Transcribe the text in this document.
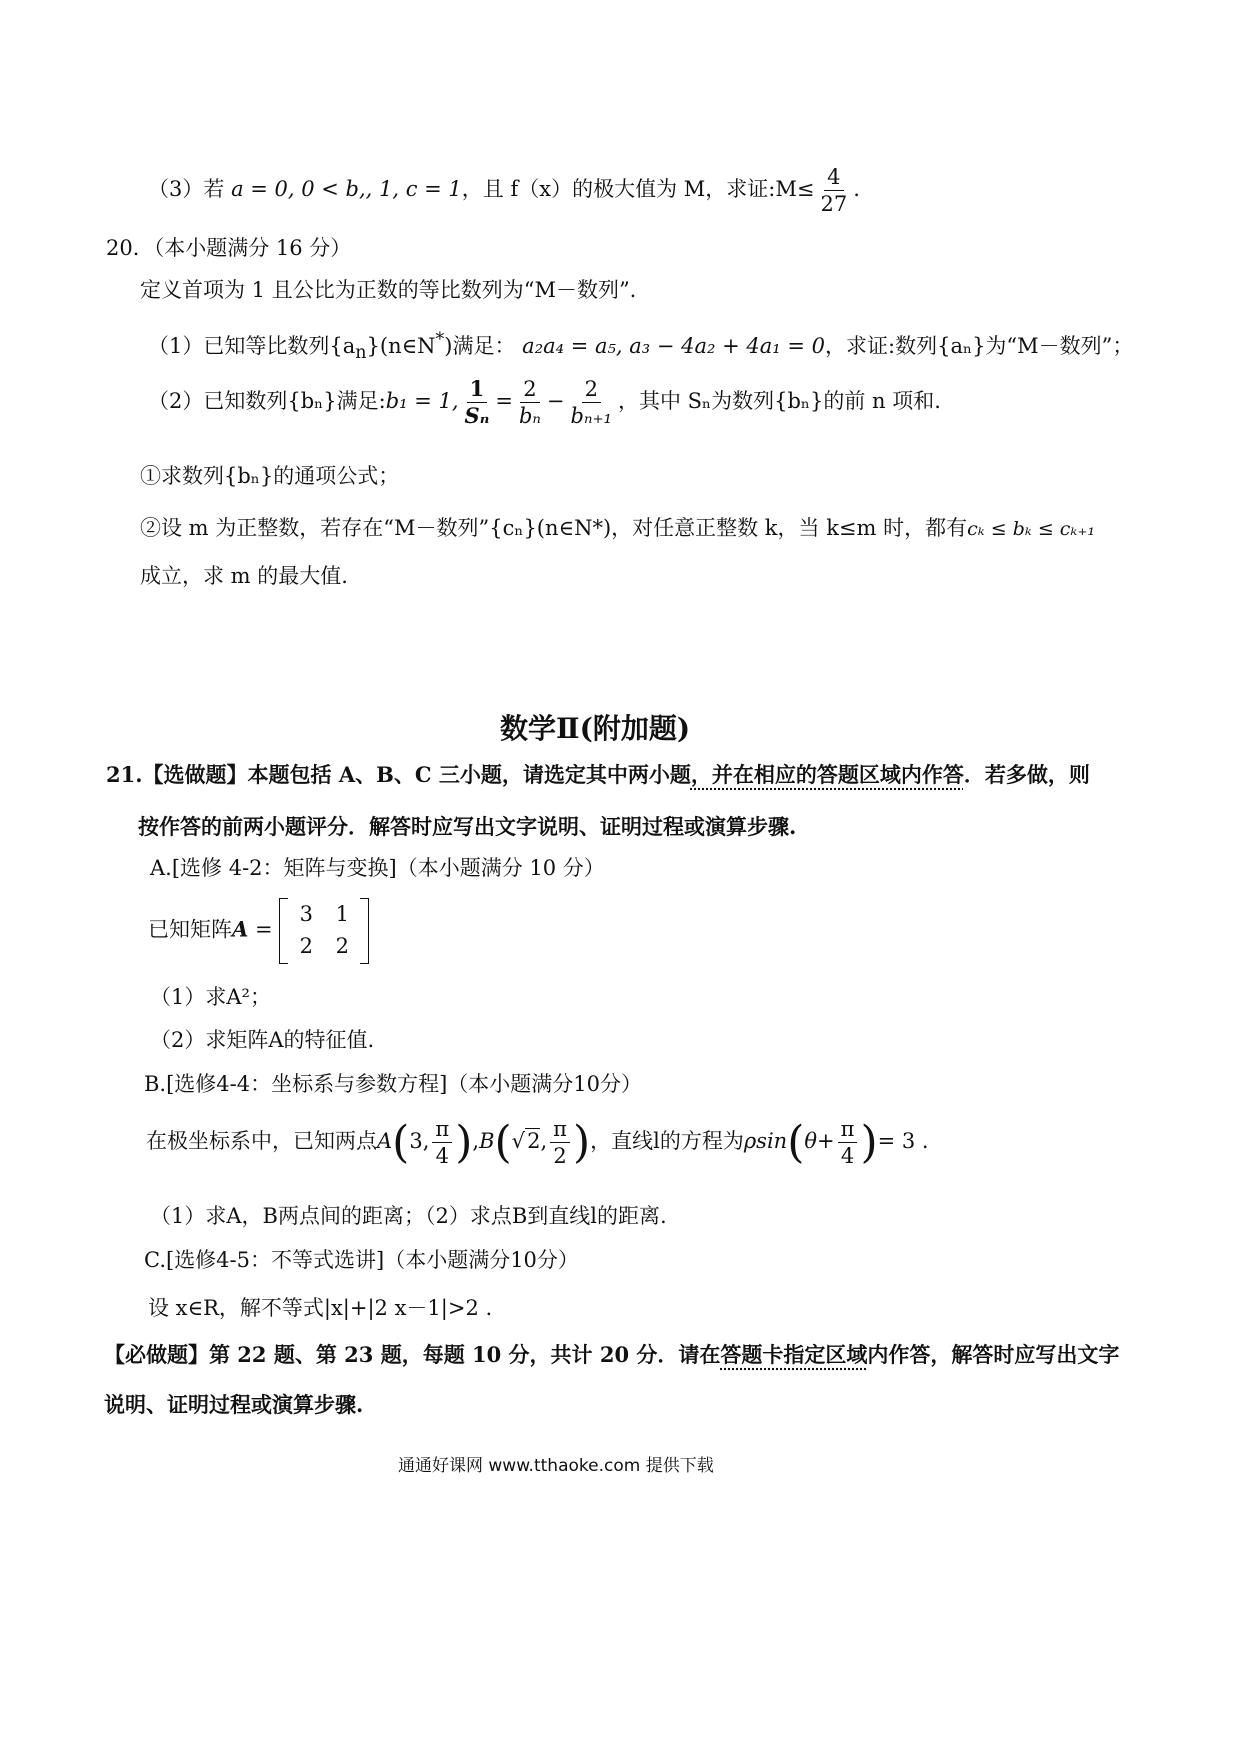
（3）若 a = 0, 0 < b,, 1, c = 1，且 f（x）的极大值为 M，求证:M≤ $\frac{4}{27}$ .
20．（本小题满分 16 分）
定义首项为 1 且公比为正数的等比数列为“M－数列”.
（1）已知等比数列$\{a_n\}(n\in N^*)$满足： a₂a₄ = a₅, a₃ − 4a₂ + 4a₁ = 0，求证:数列{aₙ}为“M－数列”；
（2）已知数列{bₙ}满足:b₁ = 1, $\frac{1}{\text{Sₙ}} = \frac{2}{\text{bₙ}} - \frac{2}{\text{bₙ₊₁}}$ ，其中 Sₙ为数列{bₙ}的前 n 项和.
①求数列{bₙ}的通项公式；
②设 m 为正整数，若存在“M－数列”{cₙ}(n∈N*)，对任意正整数 k，当 k≤m 时，都有cₖ ≤ bₖ ≤ cₖ₊₁
成立，求 m 的最大值.
数学Ⅱ(附加题)
21.【选做题】本题包括 A、B、C 三小题，请选定其中两小题，并在相应的答题区域内作答．若多做，则
按作答的前两小题评分．解答时应写出文字说明、证明过程或演算步骤.
A.[选修 4-2：矩阵与变换]（本小题满分 10 分）
已知矩阵A =
3	1
2	2
（1）求A²；
（2）求矩阵A的特征值.
B.[选修4-4：坐标系与参数方程]（本小题满分10分）
在极坐标系中，已知两点A(3, $\frac{\pi}{4} ),B(√2$, $\frac{\pi}{2}$ )，直线l的方程为$\rho\sin(\theta+ \frac{\pi}{4}$ )= 3 .
（1）求A，B两点间的距离；（2）求点B到直线l的距离.
C.[选修4-5：不等式选讲]（本小题满分10分）
设 x∈R，解不等式|x|+|2 x－1|>2 .
【必做题】第 22 题、第 23 题，每题 10 分，共计 20 分．请在答题卡指定区域内作答，解答时应写出文字
说明、证明过程或演算步骤.
通通好课网 www.tthaoke.com 提供下载
